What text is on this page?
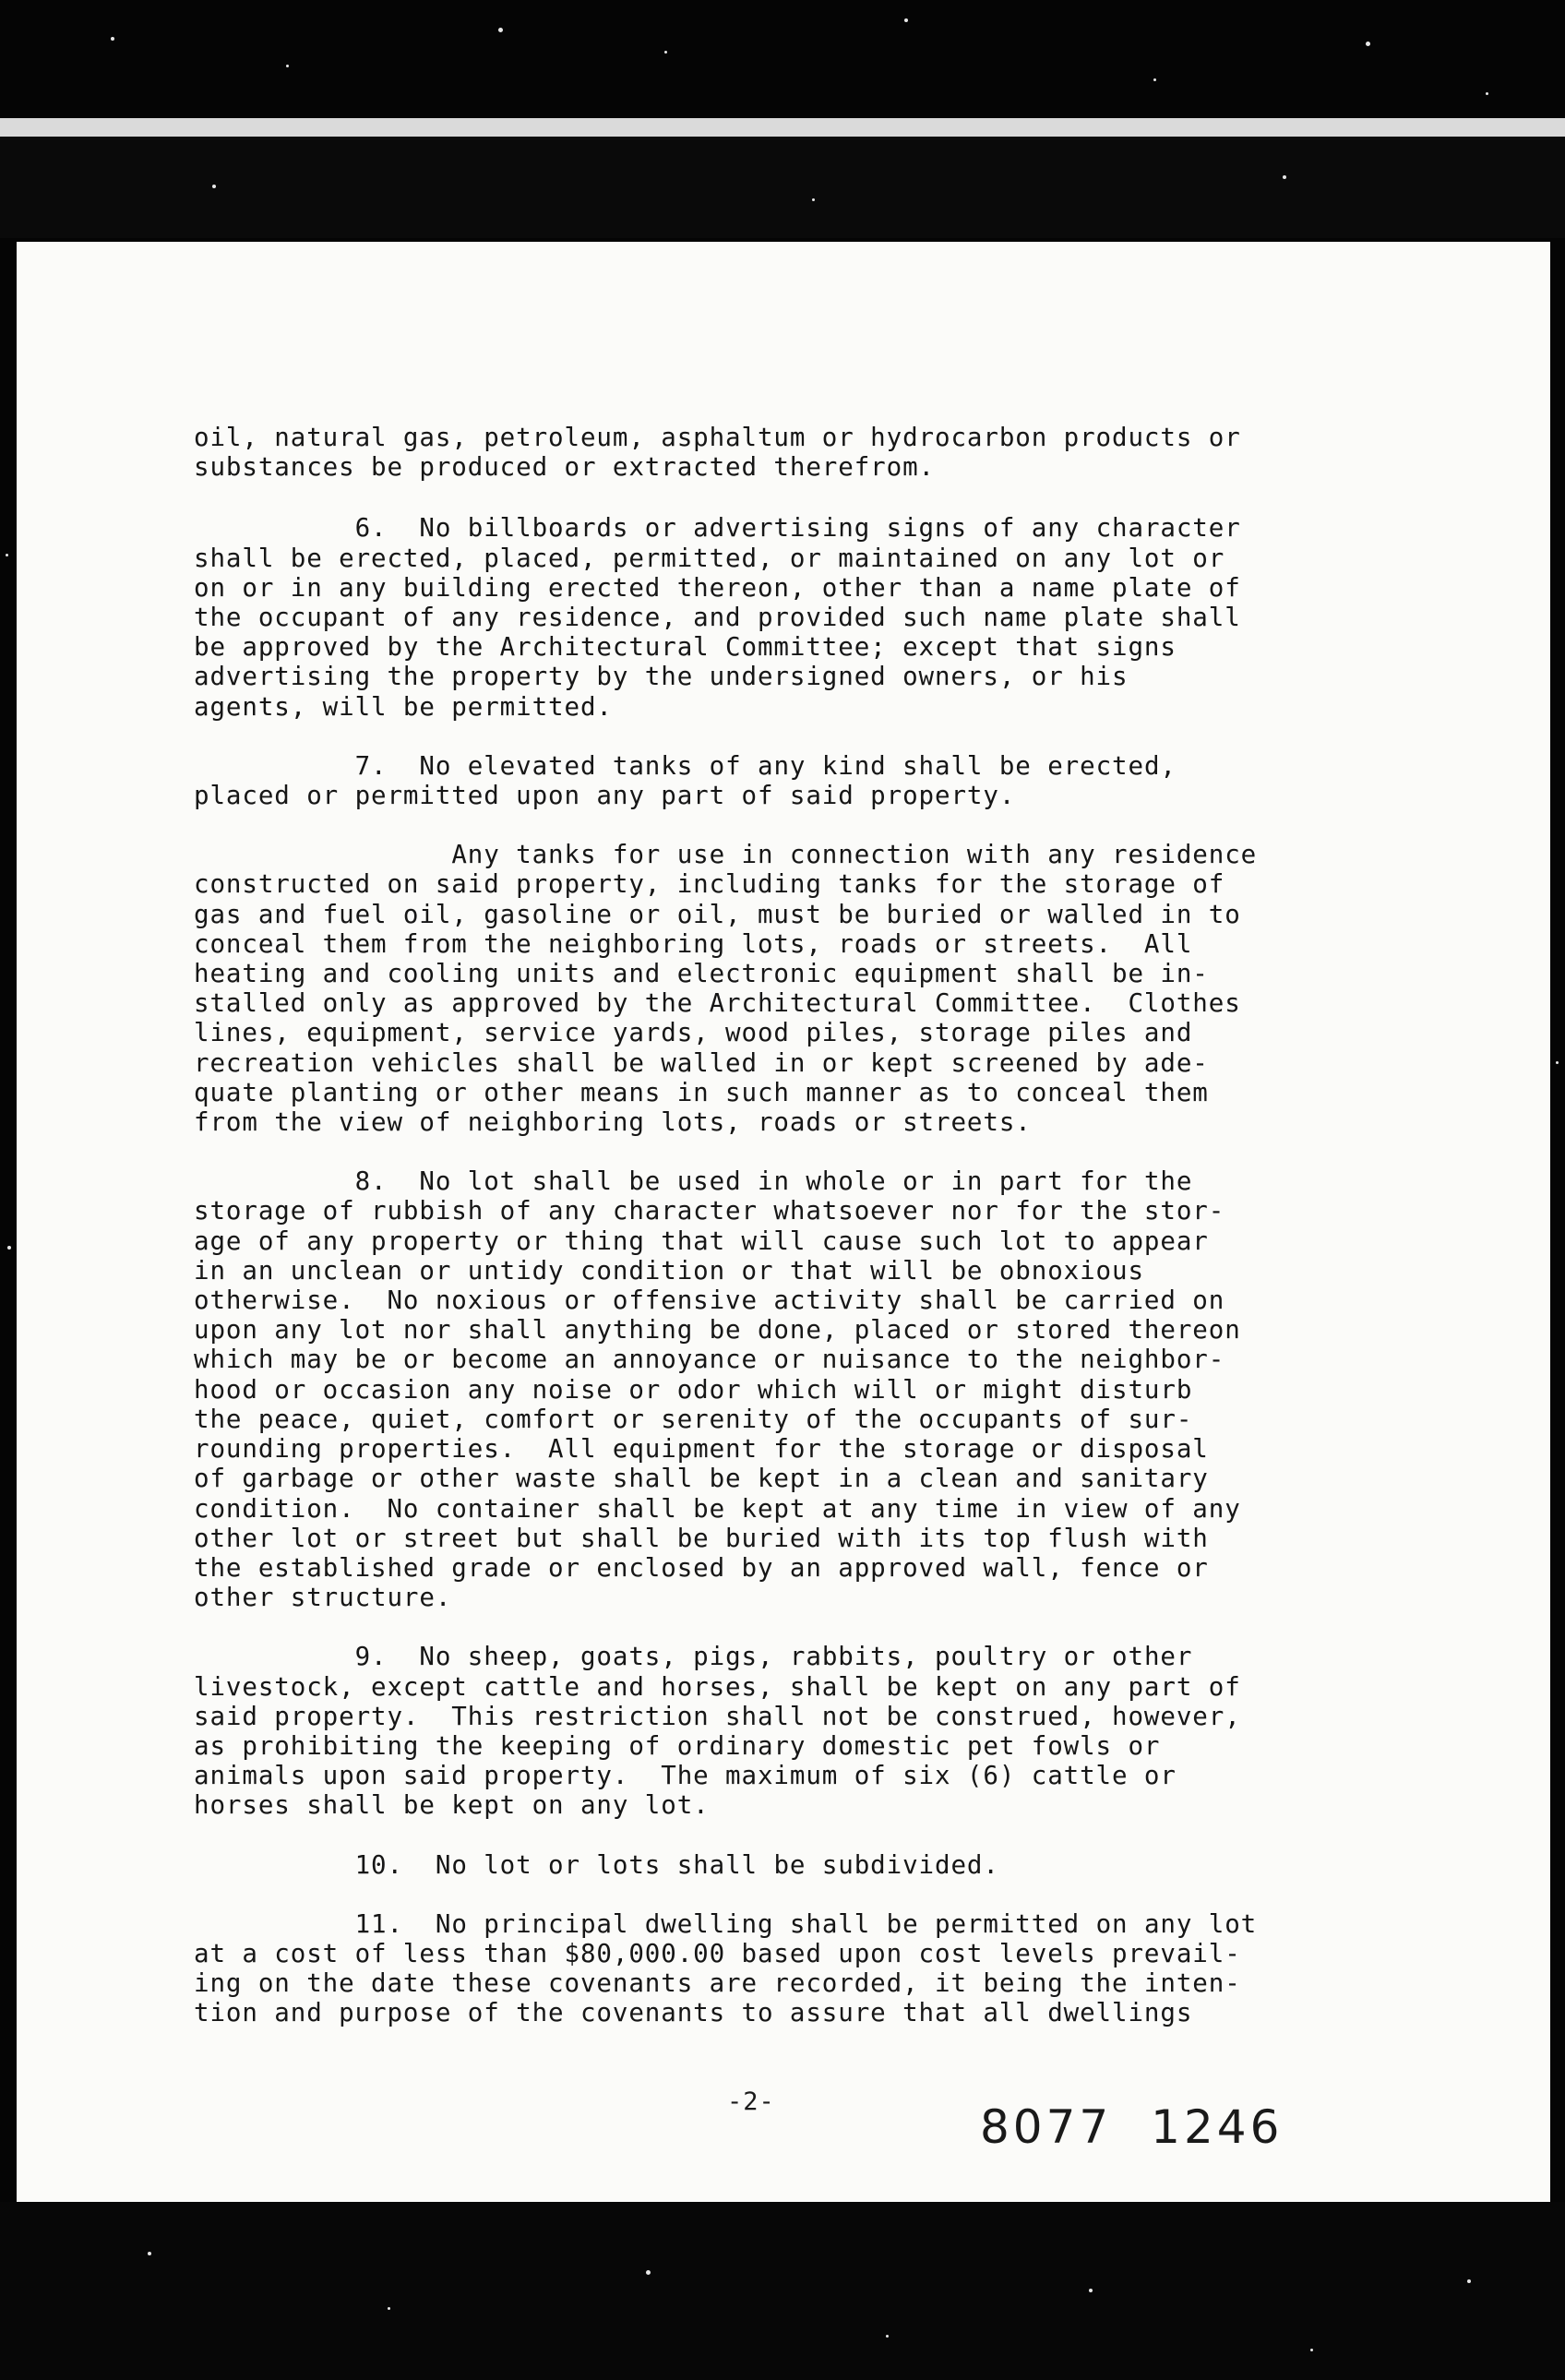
oil, natural gas, petroleum, asphaltum or hydrocarbon products or
substances be produced or extracted therefrom.

6.  No billboards or advertising signs of any character
shall be erected, placed, permitted, or maintained on any lot or
on or in any building erected thereon, other than a name plate of
the occupant of any residence, and provided such name plate shall
be approved by the Architectural Committee; except that signs
advertising the property by the undersigned owners, or his
agents, will be permitted.

7.  No elevated tanks of any kind shall be erected,
placed or permitted upon any part of said property.

Any tanks for use in connection with any residence
constructed on said property, including tanks for the storage of
gas and fuel oil, gasoline or oil, must be buried or walled in to
conceal them from the neighboring lots, roads or streets.  All
heating and cooling units and electronic equipment shall be in-
stalled only as approved by the Architectural Committee.  Clothes
lines, equipment, service yards, wood piles, storage piles and
recreation vehicles shall be walled in or kept screened by ade-
quate planting or other means in such manner as to conceal them
from the view of neighboring lots, roads or streets.

8.  No lot shall be used in whole or in part for the
storage of rubbish of any character whatsoever nor for the stor-
age of any property or thing that will cause such lot to appear
in an unclean or untidy condition or that will be obnoxious
otherwise.  No noxious or offensive activity shall be carried on
upon any lot nor shall anything be done, placed or stored thereon
which may be or become an annoyance or nuisance to the neighbor-
hood or occasion any noise or odor which will or might disturb
the peace, quiet, comfort or serenity of the occupants of sur-
rounding properties.  All equipment for the storage or disposal
of garbage or other waste shall be kept in a clean and sanitary
condition.  No container shall be kept at any time in view of any
other lot or street but shall be buried with its top flush with
the established grade or enclosed by an approved wall, fence or
other structure.

9.  No sheep, goats, pigs, rabbits, poultry or other
livestock, except cattle and horses, shall be kept on any part of
said property.  This restriction shall not be construed, however,
as prohibiting the keeping of ordinary domestic pet fowls or
animals upon said property.  The maximum of six (6) cattle or
horses shall be kept on any lot.

10.  No lot or lots shall be subdivided.

11.  No principal dwelling shall be permitted on any lot
at a cost of less than $80,000.00 based upon cost levels prevail-
ing on the date these covenants are recorded, it being the inten-
tion and purpose of the covenants to assure that all dwellings

-2-	8077 1246
